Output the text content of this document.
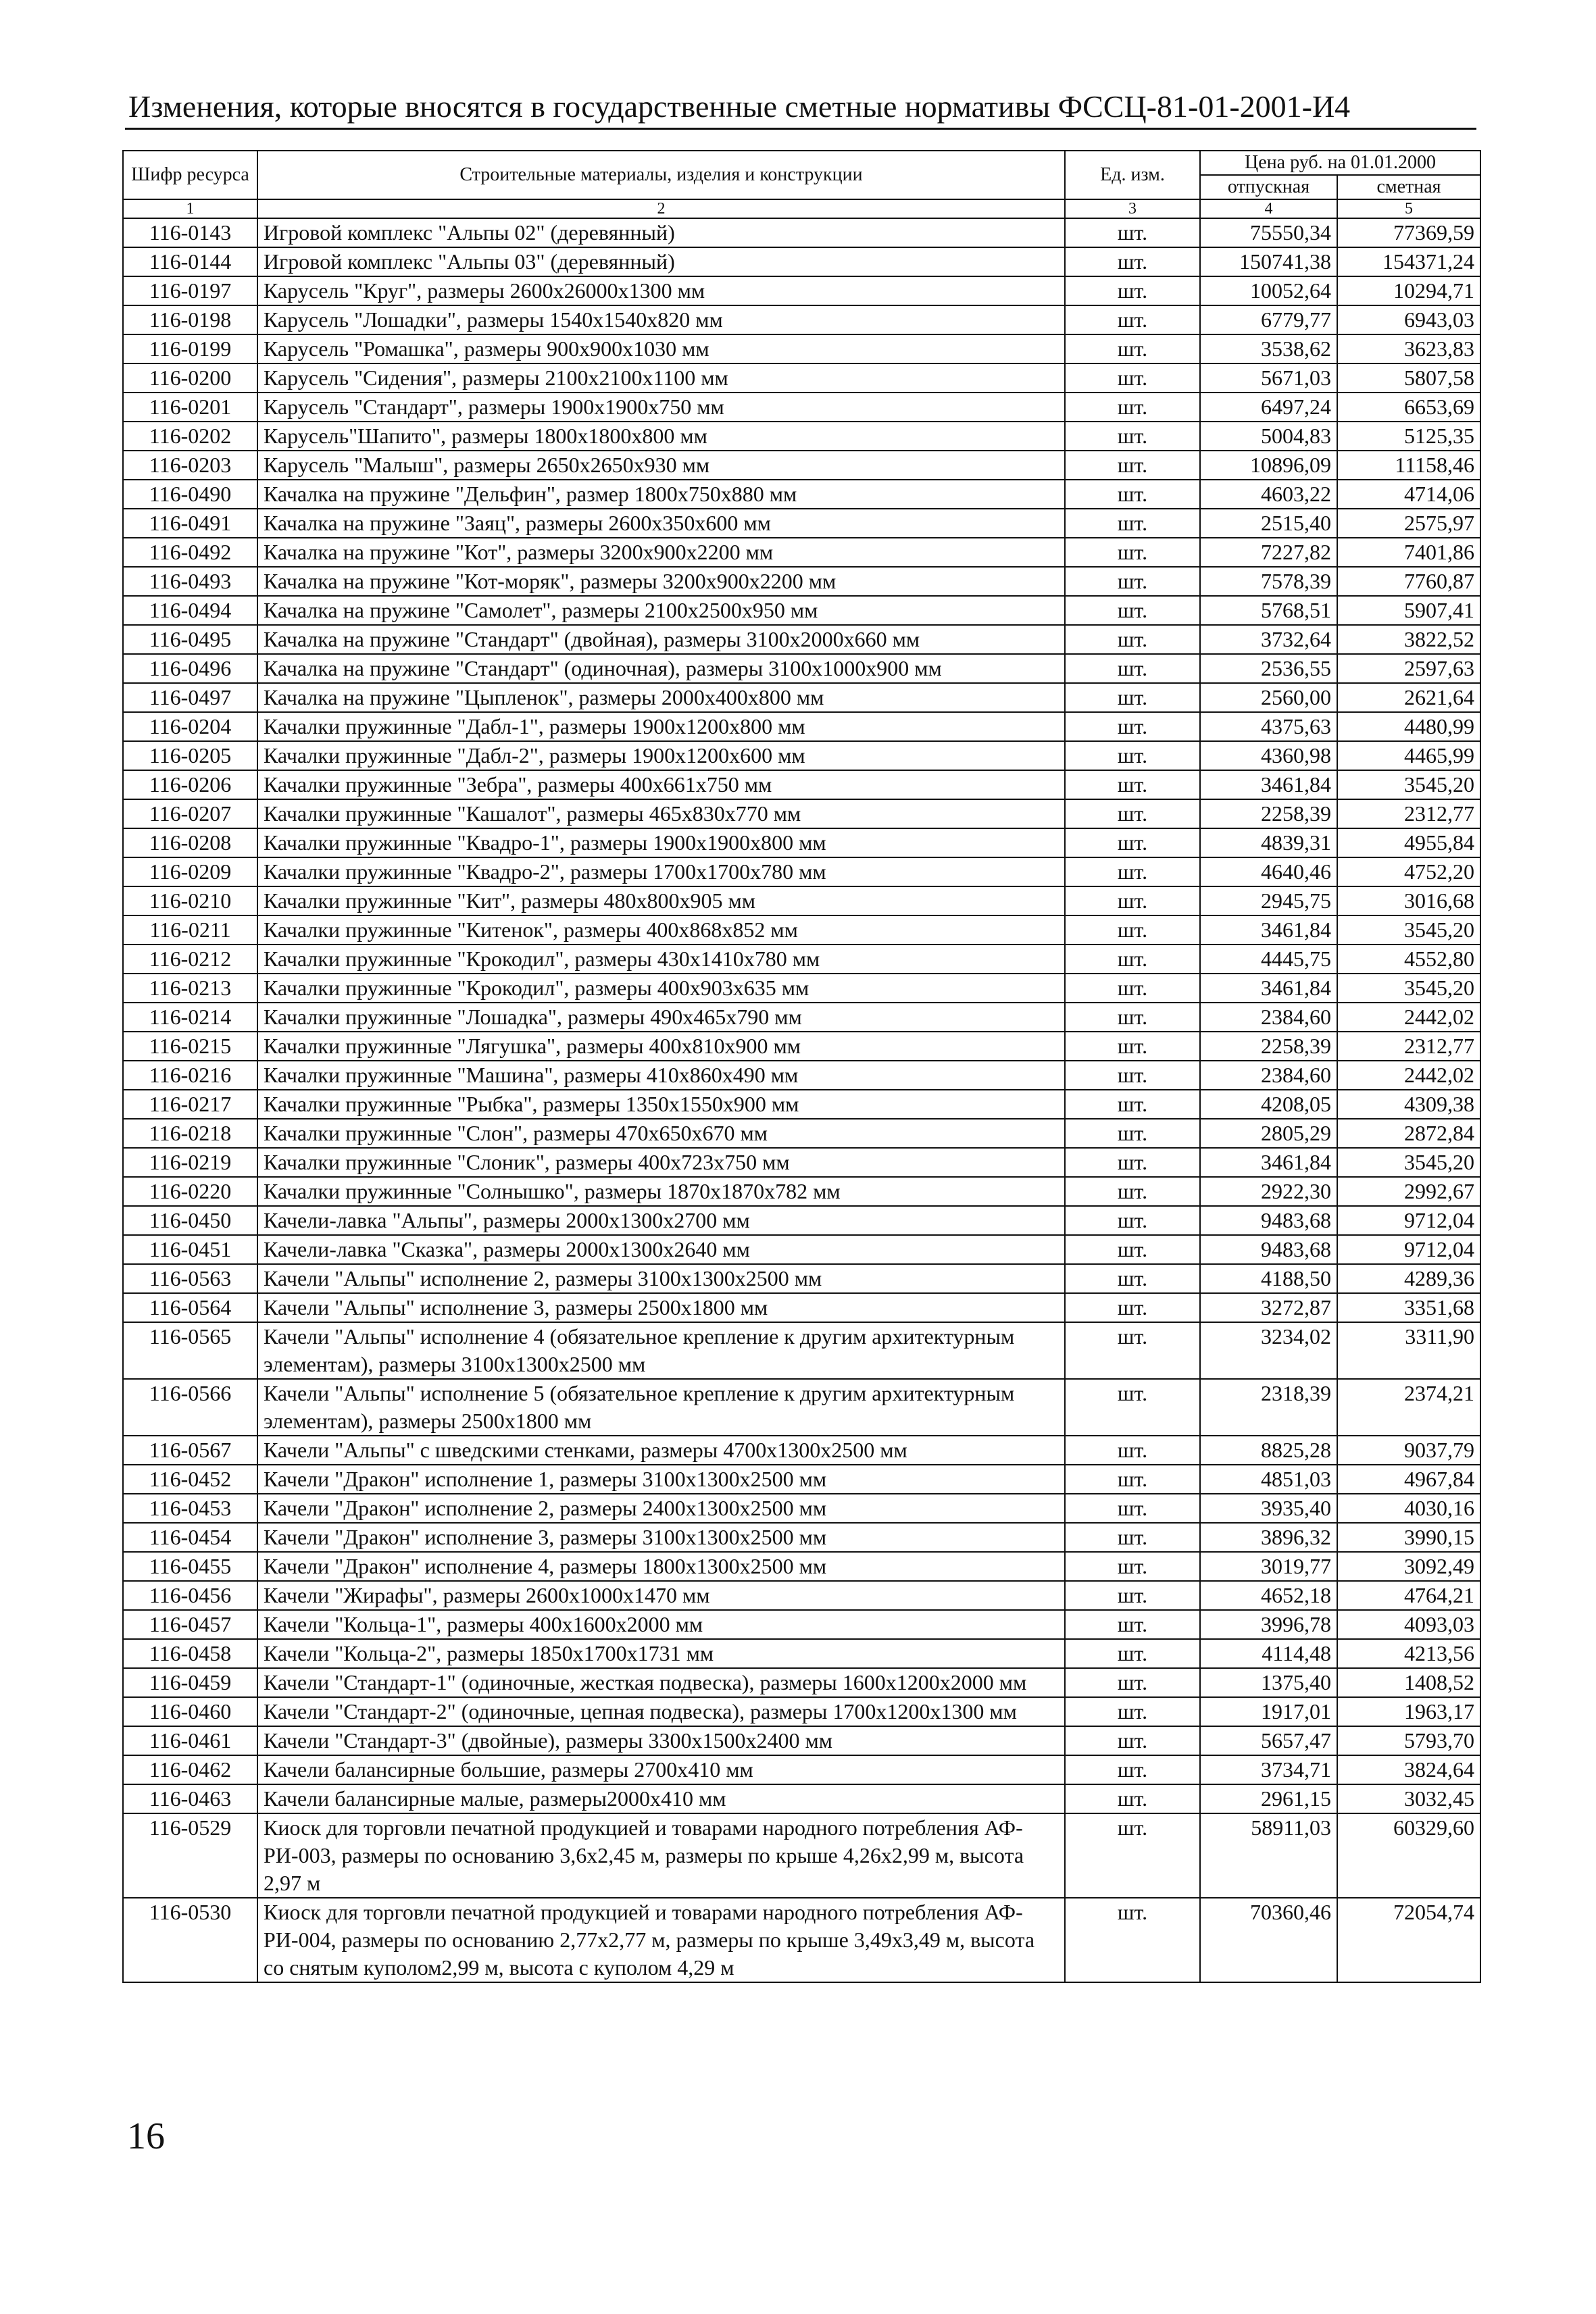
Изменения, которые вносятся в государственные сметные нормативы ФССЦ-81-01-2001-И4
Шифр ресурса	Строительные материалы, изделия и конструкции	Ед. изм.	Цена руб. на 01.01.2000	
			отпускная	сметная
1	2	3	4	5
116-0143	Игровой комплекс "Альпы 02" (деревянный)	шт.	75550,34	77369,59
116-0144	Игровой комплекс "Альпы 03" (деревянный)	шт.	150741,38	154371,24
116-0197	Карусель "Круг", размеры 2600x26000x1300 мм	шт.	10052,64	10294,71
116-0198	Карусель "Лошадки", размеры 1540x1540x820 мм	шт.	6779,77	6943,03
116-0199	Карусель "Ромашка", размеры 900x900x1030 мм	шт.	3538,62	3623,83
116-0200	Карусель "Сидения", размеры 2100x2100x1100 мм	шт.	5671,03	5807,58
116-0201	Карусель "Стандарт", размеры 1900x1900x750 мм	шт.	6497,24	6653,69
116-0202	Карусель"Шапито", размеры 1800x1800x800 мм	шт.	5004,83	5125,35
116-0203	Карусель "Малыш", размеры 2650x2650x930 мм	шт.	10896,09	11158,46
116-0490	Качалка на пружине "Дельфин", размер 1800x750x880 мм	шт.	4603,22	4714,06
116-0491	Качалка на пружине "Заяц", размеры 2600x350x600 мм	шт.	2515,40	2575,97
116-0492	Качалка на пружине "Кот", размеры 3200x900x2200 мм	шт.	7227,82	7401,86
116-0493	Качалка на пружине "Кот-моряк", размеры 3200x900x2200 мм	шт.	7578,39	7760,87
116-0494	Качалка на пружине "Самолет", размеры 2100x2500x950 мм	шт.	5768,51	5907,41
116-0495	Качалка на пружине "Стандарт" (двойная), размеры 3100x2000x660 мм	шт.	3732,64	3822,52
116-0496	Качалка на пружине "Стандарт" (одиночная), размеры 3100x1000x900 мм	шт.	2536,55	2597,63
116-0497	Качалка на пружине "Цыпленок", размеры 2000x400x800 мм	шт.	2560,00	2621,64
116-0204	Качалки пружинные "Дабл-1", размеры 1900x1200x800 мм	шт.	4375,63	4480,99
116-0205	Качалки пружинные "Дабл-2", размеры 1900x1200x600 мм	шт.	4360,98	4465,99
116-0206	Качалки пружинные "Зебра", размеры 400x661x750 мм	шт.	3461,84	3545,20
116-0207	Качалки пружинные "Кашалот", размеры 465x830x770 мм	шт.	2258,39	2312,77
116-0208	Качалки пружинные "Квадро-1", размеры 1900x1900x800 мм	шт.	4839,31	4955,84
116-0209	Качалки пружинные "Квадро-2", размеры 1700x1700x780 мм	шт.	4640,46	4752,20
116-0210	Качалки пружинные "Кит", размеры 480x800x905 мм	шт.	2945,75	3016,68
116-0211	Качалки пружинные "Китенок", размеры 400x868x852 мм	шт.	3461,84	3545,20
116-0212	Качалки пружинные "Крокодил", размеры 430x1410x780 мм	шт.	4445,75	4552,80
116-0213	Качалки пружинные "Крокодил", размеры 400x903x635 мм	шт.	3461,84	3545,20
116-0214	Качалки пружинные "Лошадка", размеры 490x465x790 мм	шт.	2384,60	2442,02
116-0215	Качалки пружинные "Лягушка", размеры 400x810x900 мм	шт.	2258,39	2312,77
116-0216	Качалки пружинные "Машина", размеры 410x860x490 мм	шт.	2384,60	2442,02
116-0217	Качалки пружинные "Рыбка", размеры 1350x1550x900 мм	шт.	4208,05	4309,38
116-0218	Качалки пружинные "Слон", размеры 470x650x670 мм	шт.	2805,29	2872,84
116-0219	Качалки пружинные "Слоник", размеры 400x723x750 мм	шт.	3461,84	3545,20
116-0220	Качалки пружинные "Солнышко", размеры 1870x1870x782 мм	шт.	2922,30	2992,67
116-0450	Качели-лавка "Альпы", размеры 2000x1300x2700 мм	шт.	9483,68	9712,04
116-0451	Качели-лавка "Сказка", размеры 2000x1300x2640 мм	шт.	9483,68	9712,04
116-0563	Качели "Альпы" исполнение 2, размеры 3100x1300x2500 мм	шт.	4188,50	4289,36
116-0564	Качели "Альпы" исполнение 3, размеры 2500x1800 мм	шт.	3272,87	3351,68
116-0565	Качели "Альпы" исполнение 4 (обязательное крепление к другим архитектурным элементам), размеры 3100x1300x2500 мм	шт.	3234,02	3311,90
116-0566	Качели "Альпы" исполнение 5 (обязательное крепление к другим архитектурным элементам), размеры 2500x1800 мм	шт.	2318,39	2374,21
116-0567	Качели "Альпы" с шведскими стенками, размеры 4700x1300x2500 мм	шт.	8825,28	9037,79
116-0452	Качели "Дракон" исполнение 1, размеры 3100x1300x2500 мм	шт.	4851,03	4967,84
116-0453	Качели "Дракон" исполнение 2, размеры 2400x1300x2500 мм	шт.	3935,40	4030,16
116-0454	Качели "Дракон" исполнение 3, размеры 3100x1300x2500 мм	шт.	3896,32	3990,15
116-0455	Качели "Дракон" исполнение 4, размеры 1800x1300x2500 мм	шт.	3019,77	3092,49
116-0456	Качели "Жирафы", размеры 2600x1000x1470 мм	шт.	4652,18	4764,21
116-0457	Качели "Кольца-1", размеры 400x1600x2000 мм	шт.	3996,78	4093,03
116-0458	Качели "Кольца-2", размеры 1850x1700x1731 мм	шт.	4114,48	4213,56
116-0459	Качели "Стандарт-1" (одиночные, жесткая подвеска), размеры 1600x1200x2000 мм	шт.	1375,40	1408,52
116-0460	Качели "Стандарт-2" (одиночные, цепная подвеска), размеры 1700x1200x1300 мм	шт.	1917,01	1963,17
116-0461	Качели "Стандарт-3" (двойные), размеры 3300x1500x2400 мм	шт.	5657,47	5793,70
116-0462	Качели балансирные большие, размеры 2700x410 мм	шт.	3734,71	3824,64
116-0463	Качели балансирные малые, размеры2000x410 мм	шт.	2961,15	3032,45
116-0529	Киоск для торговли печатной продукцией и товарами народного потребления АФ-РИ-003, размеры по основанию 3,6x2,45 м, размеры по крыше 4,26x2,99 м, высота 2,97 м	шт.	58911,03	60329,60
116-0530	Киоск для торговли печатной продукцией и товарами народного потребления АФ-РИ-004, размеры по основанию 2,77x2,77 м, размеры по крыше 3,49x3,49 м, высота со снятым куполом2,99 м, высота с куполом 4,29 м	шт.	70360,46	72054,74
16
